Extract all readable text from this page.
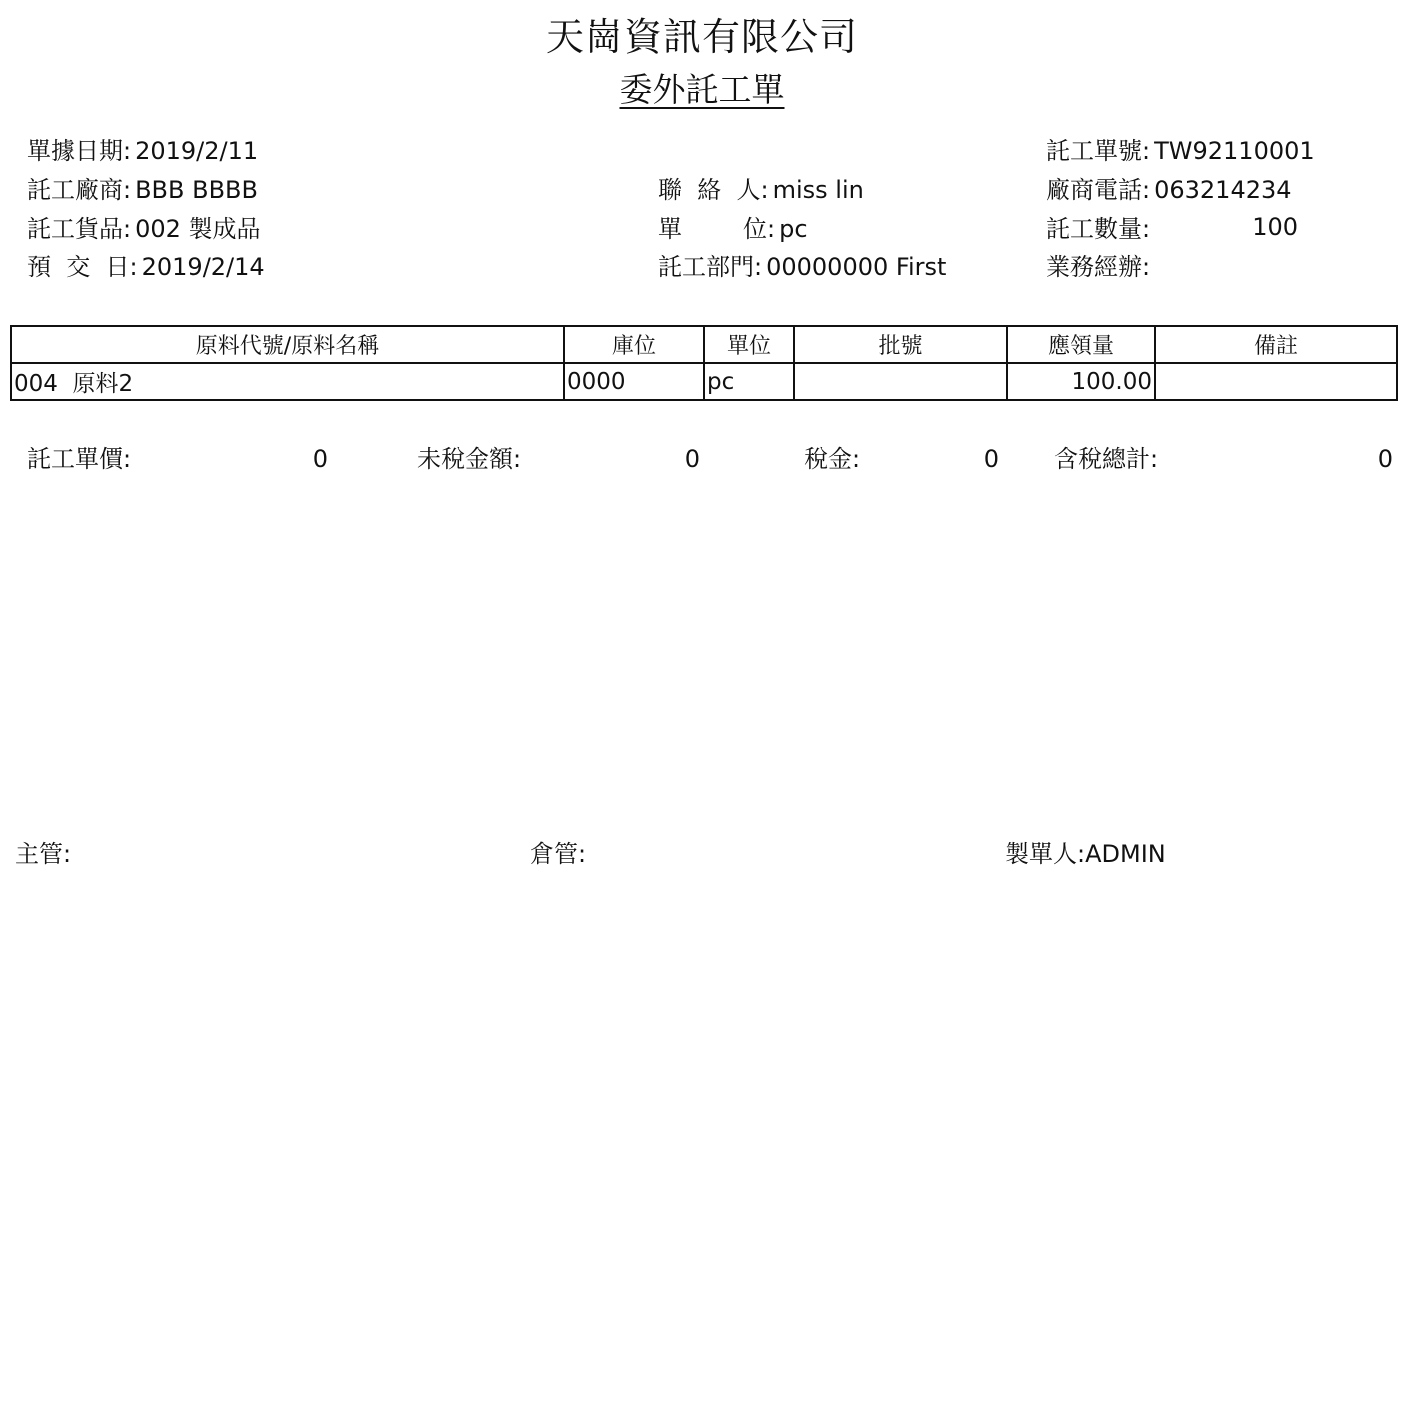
天崗資訊有限公司
委外託工單
單據日期: 2019/2/11
託工廠商: BBB BBBB
託工貨品: 002 製成品
預  交  日: 2019/2/14
聯  絡  人: miss lin
單        位: pc
託工部門: 00000000 First
託工單號: TW92110001
廠商電話: 063214234
託工數量:	100
業務經辦:
原料代號/原料名稱	庫位	單位	批號	應領量	備註
004  原料2	0000	pc		100.00	
託工單價:	0	未稅金額:	0	稅金:	0 含稅總計:	0
主管:	倉管:	製單人:ADMIN
